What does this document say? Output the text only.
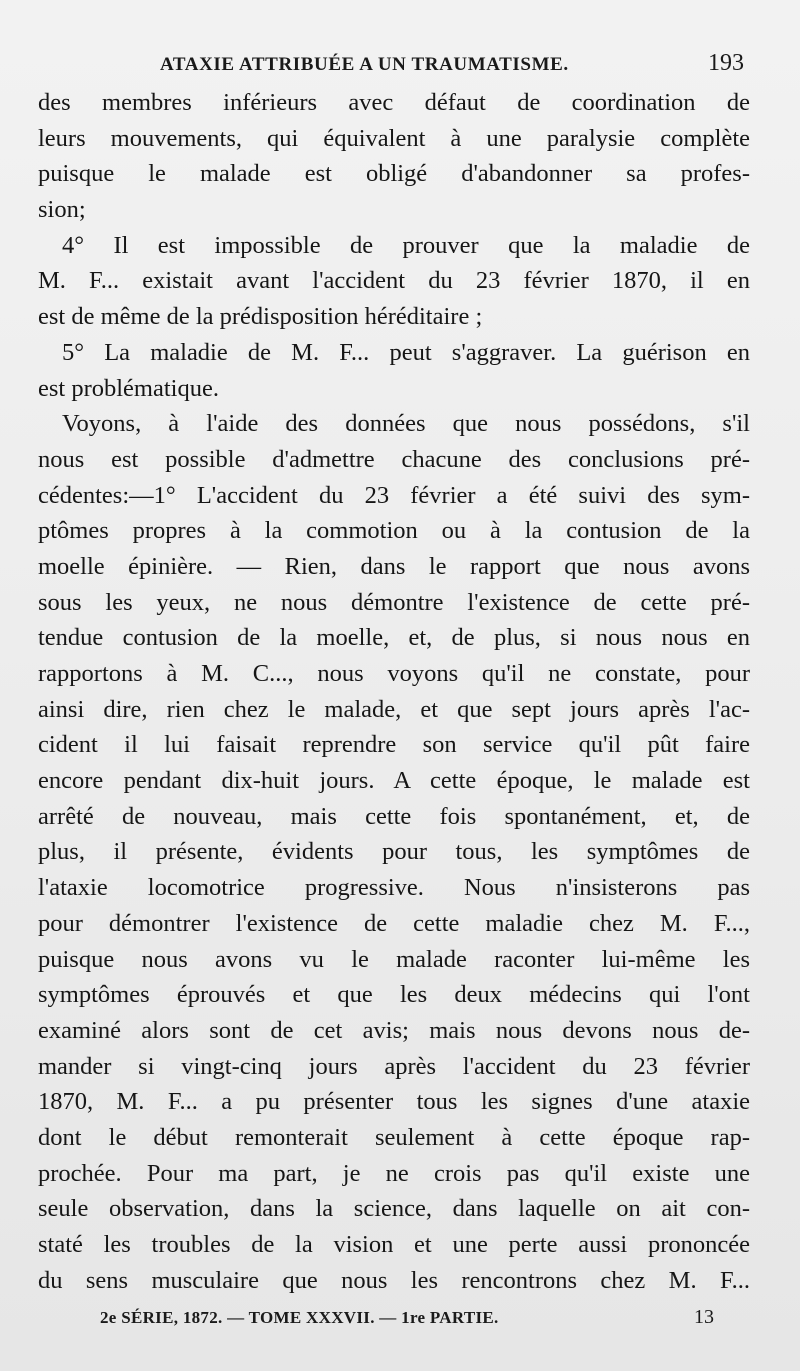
ATAXIE ATTRIBUÉE A UN TRAUMATISME.	193
des membres inférieurs avec défaut de coordination de
leurs mouvements, qui équivalent à une paralysie complète
puisque le malade est obligé d'abandonner sa profes-
sion;
4° Il est impossible de prouver que la maladie de
M. F... existait avant l'accident du 23 février 1870, il en
est de même de la prédisposition héréditaire ;
5° La maladie de M. F... peut s'aggraver. La guérison en
est problématique.
Voyons, à l'aide des données que nous possédons, s'il
nous est possible d'admettre chacune des conclusions pré-
cédentes:—1° L'accident du 23 février a été suivi des sym-
ptômes propres à la commotion ou à la contusion de la
moelle épinière. — Rien, dans le rapport que nous avons
sous les yeux, ne nous démontre l'existence de cette pré-
tendue contusion de la moelle, et, de plus, si nous nous en
rapportons à M. C..., nous voyons qu'il ne constate, pour
ainsi dire, rien chez le malade, et que sept jours après l'ac-
cident il lui faisait reprendre son service qu'il pût faire
encore pendant dix-huit jours. A cette époque, le malade est
arrêté de nouveau, mais cette fois spontanément, et, de
plus, il présente, évidents pour tous, les symptômes de
l'ataxie locomotrice progressive. Nous n'insisterons pas
pour démontrer l'existence de cette maladie chez M. F...,
puisque nous avons vu le malade raconter lui-même les
symptômes éprouvés et que les deux médecins qui l'ont
examiné alors sont de cet avis; mais nous devons nous de-
mander si vingt-cinq jours après l'accident du 23 février
1870, M. F... a pu présenter tous les signes d'une ataxie
dont le début remonterait seulement à cette époque rap-
prochée. Pour ma part, je ne crois pas qu'il existe une
seule observation, dans la science, dans laquelle on ait con-
staté les troubles de la vision et une perte aussi prononcée
du sens musculaire que nous les rencontrons chez M. F...
2e SÉRIE, 1872. — TOME XXXVII. — 1re PARTIE.	13
